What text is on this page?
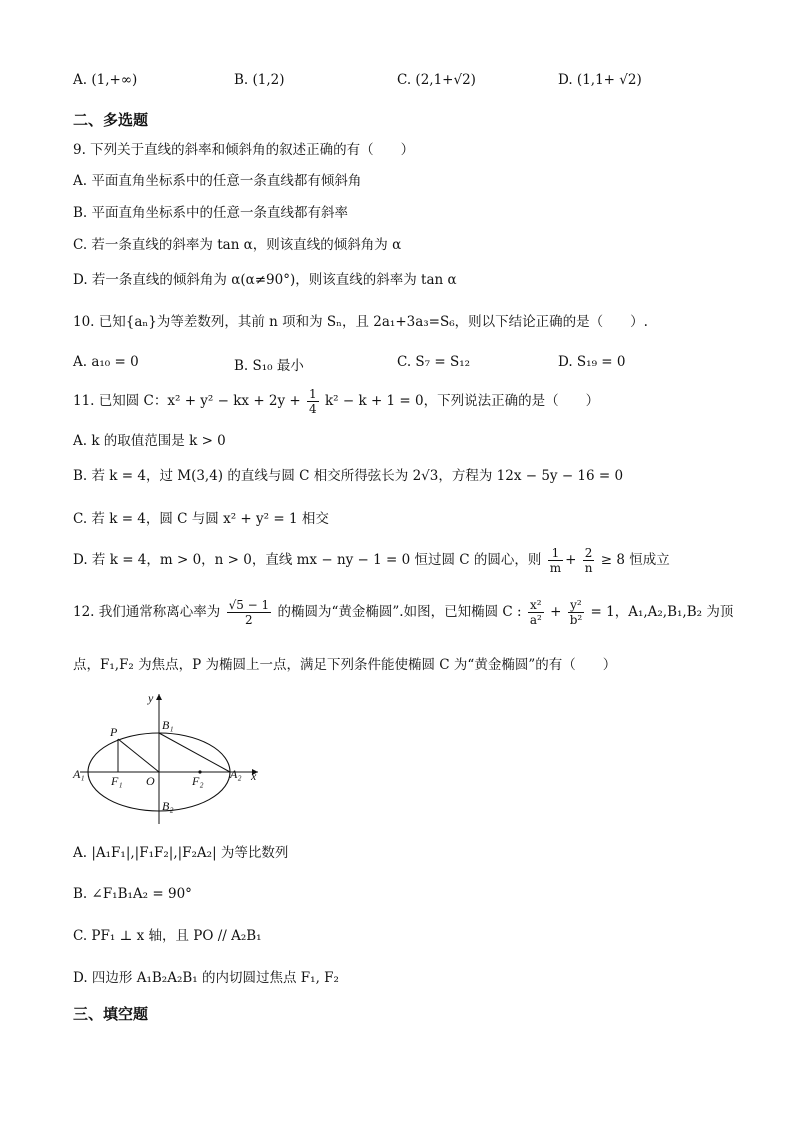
A. (1,+∞)	B. (1,2)	C. (2,1+√2)	D. (1,1+ √2)
二、多选题
9. 下列关于直线的斜率和倾斜角的叙述正确的有（　　）
A. 平面直角坐标系中的任意一条直线都有倾斜角
B. 平面直角坐标系中的任意一条直线都有斜率
C. 若一条直线的斜率为 tan α，则该直线的倾斜角为 α
D. 若一条直线的倾斜角为 α(α≠90°)，则该直线的斜率为 tan α
10. 已知{aₙ}为等差数列，其前 n 项和为 Sₙ，且 2a₁+3a₃=S₆，则以下结论正确的是（　　）.
A. a₁₀ = 0	B. S₁₀ 最小	C. S₇ = S₁₂	D. S₁₉ = 0
11. 已知圆 C：x² + y² − kx + $2y + \frac{1}{4} k^2 - k + 1 = 0$，下列说法正确的是（　　）
A. k 的取值范围是 k > 0
B. 若 k = 4，过 M(3,4) 的直线与圆 C 相交所得弦长为 2√3，方程为 12x − 5y − 16 = 0
C. 若 k = 4，圆 C 与圆 x² + y² = 1 相交
D. 若 k = 4，m > 0，n > 0，直线 mx − ny − 1 = 0 恒过圆 C 的圆心，则 $\frac{1}{m} + \frac{2}{n} \ge 8$ 恒成立
12. 我们通常称离心率为 $\frac{√5 - 1}{2}$ 的椭圆为“黄金椭圆”.如图，已知椭圆 C : $\frac{\text{x²}}{\text{a²}} + \frac{\text{y²}}{\text{b²}} = 1$，A₁,A₂,B₁,B₂ 为顶
点，F₁,F₂ 为焦点，P 为椭圆上一点，满足下列条件能使椭圆 C 为“黄金椭圆”的有（　　）
y
x
P	B₁
B₂
A₁	A₂
F₁	F₂
O
A. |A₁F₁|,|F₁F₂|,|F₂A₂| 为等比数列
B. ∠F₁B₁A₂ = 90°
C. PF₁ ⊥ x 轴，且 PO // A₂B₁
D. 四边形 A₁B₂A₂B₁ 的内切圆过焦点 F₁, F₂
三、填空题
